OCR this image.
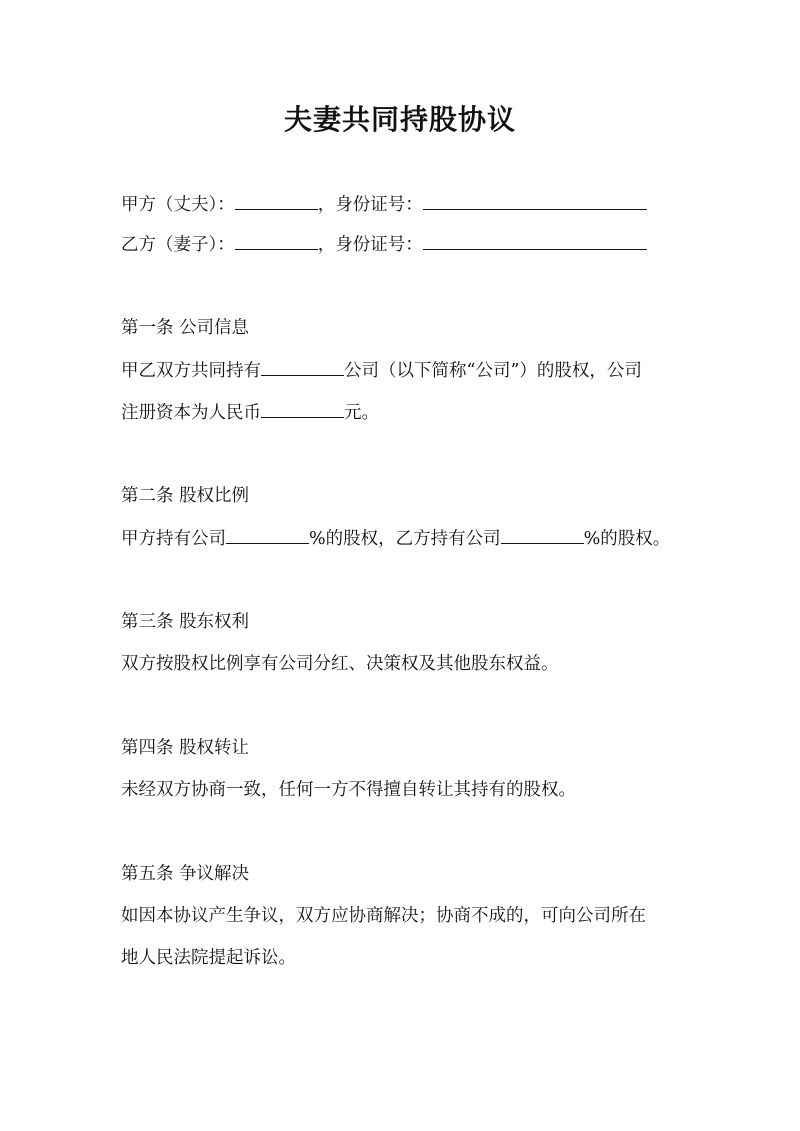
夫妻共同持股协议
甲方（丈夫）：	，身份证号：
乙方（妻子）：	，身份证号：
第一条 公司信息
甲乙双方共同持有	公司（以下简称“公司”）的股权，公司
注册资本为人民币	元。
第二条 股权比例
甲方持有公司	%的股权，乙方持有公司	%的股权。
第三条 股东权利
双方按股权比例享有公司分红、决策权及其他股东权益。
第四条 股权转让
未经双方协商一致，任何一方不得擅自转让其持有的股权。
第五条 争议解决
如因本协议产生争议，双方应协商解决；协商不成的，可向公司所在
地人民法院提起诉讼。
